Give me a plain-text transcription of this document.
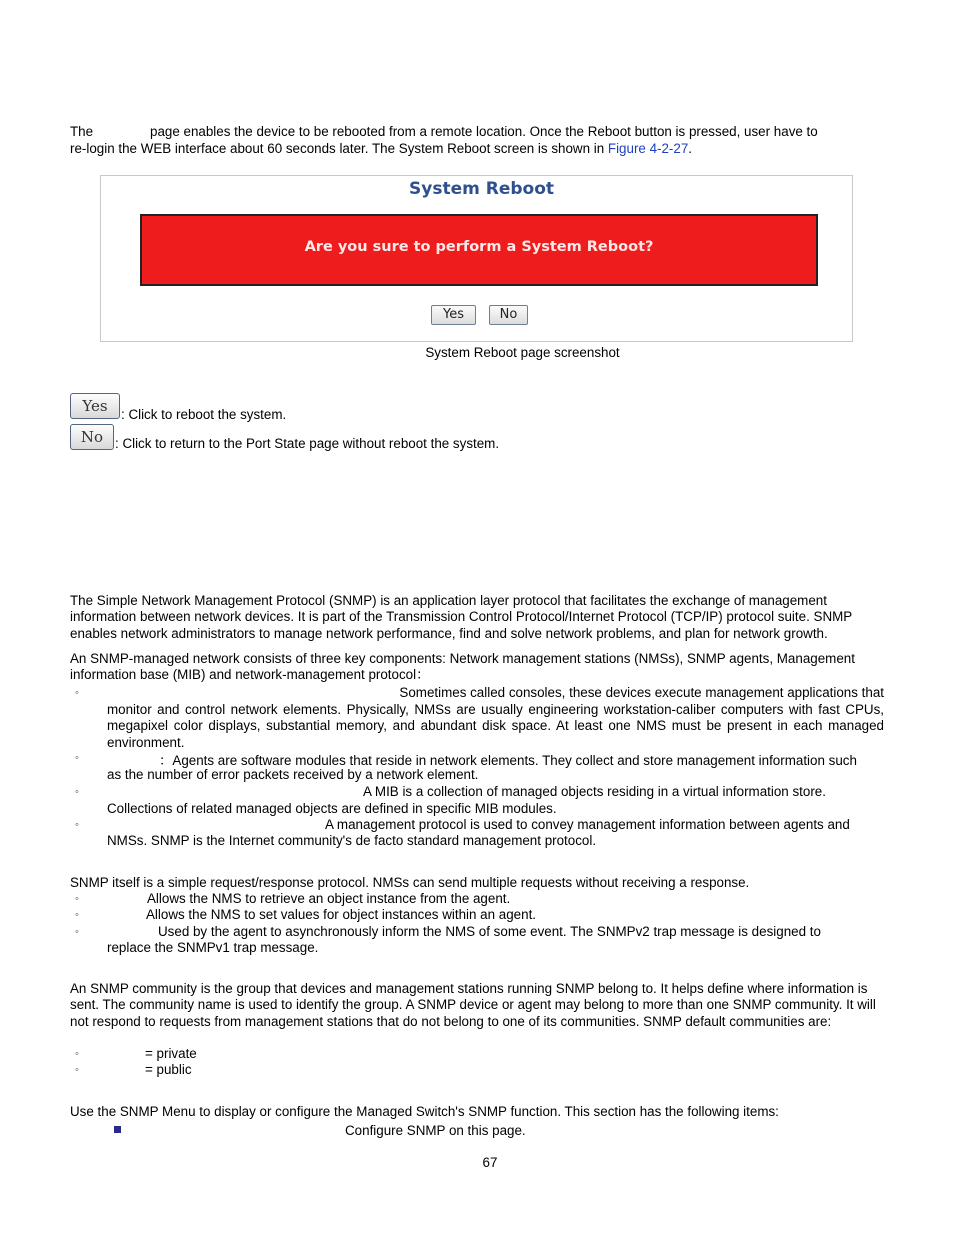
The	page enables the device to be rebooted from a remote location. Once the Reboot button is pressed, user have to
re-login the WEB interface about 60 seconds later. The System Reboot screen is shown in Figure 4-2-27.
System Reboot
Are you sure to perform a System Reboot?
Yes	No
System Reboot page screenshot
Yes	: Click to reboot the system.
No : Click to return to the Port State page without reboot the system.
The Simple Network Management Protocol (SNMP) is an application layer protocol that facilitates the exchange of management information between network devices. It is part of the Transmission Control Protocol/Internet Protocol (TCP/IP) protocol suite. SNMP enables network administrators to manage network performance, find and solve network problems, and plan for network growth.
An SNMP-managed network consists of three key components: Network management stations (NMSs), SNMP agents, Management information base (MIB) and network-management protocol：
◦	Sometimes called consoles, these devices execute management applications that
monitor and control network elements. Physically, NMSs are usually engineering workstation-caliber computers with fast CPUs, megapixel color displays, substantial memory, and abundant disk space. At least one NMS must be present in each managed environment.
◦	：Agents are software modules that reside in network elements. They collect and store management information such
as the number of error packets received by a network element.
◦	A MIB is a collection of managed objects residing in a virtual information store.
Collections of related managed objects are defined in specific MIB modules.
◦	A management protocol is used to convey management information between agents and
NMSs. SNMP is the Internet community's de facto standard management protocol.
SNMP itself is a simple request/response protocol. NMSs can send multiple requests without receiving a response.
◦	Allows the NMS to retrieve an object instance from the agent.
◦	Allows the NMS to set values for object instances within an agent.
◦	Used by the agent to asynchronously inform the NMS of some event. The SNMPv2 trap message is designed to
replace the SNMPv1 trap message.
An SNMP community is the group that devices and management stations running SNMP belong to. It helps define where information is sent. The community name is used to identify the group. A SNMP device or agent may belong to more than one SNMP community. It will not respond to requests from management stations that do not belong to one of its communities. SNMP default communities are:
◦	= private
◦	= public
Use the SNMP Menu to display or configure the Managed Switch's SNMP function. This section has the following items:
Configure SNMP on this page.
67
